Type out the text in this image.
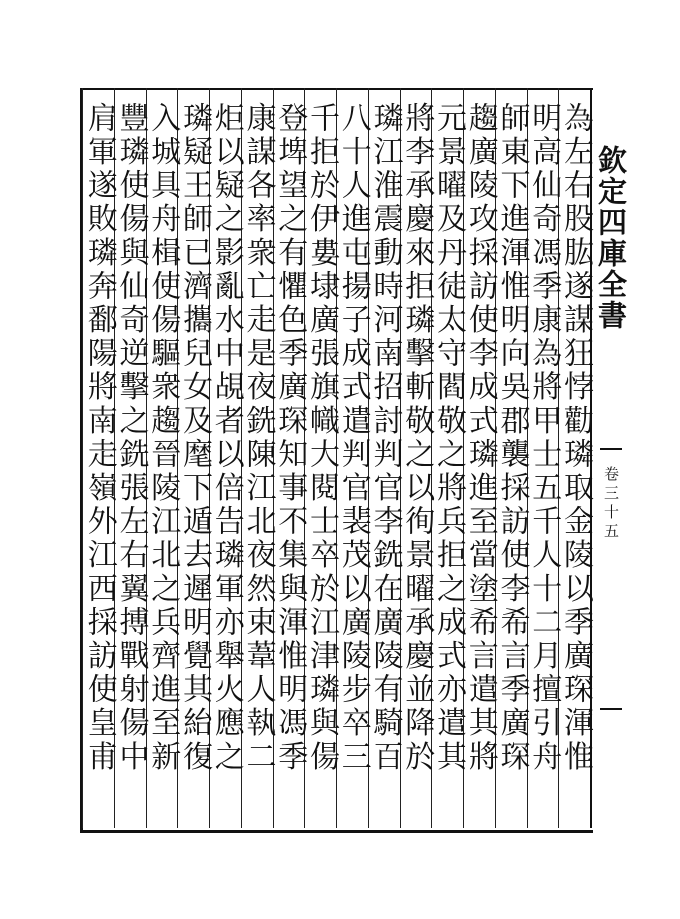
欽定四庫全書
卷三十五
為左右股肱遂謀狂悖勸璘取金陵以季廣琛渾惟
明高仙奇馮季康為將甲士五千人十二月擅引舟
師東下進渾惟明向吳郡襲採訪使李希言季廣琛
趨廣陵攻採訪使李成式璘進至當塗希言遣其將
元景曜及丹徒太守閻敬之將兵拒之成式亦遣其
將李承慶來拒璘擊斬敬之以徇景曜承慶並降於
璘江淮震動時河南招討判官李銑在廣陵有騎百
八十人進屯揚子成式遣判官裴茂以廣陵步卒三
千拒於伊婁埭廣張旗幟大閱士卒於江津璘與偒
登埤望之有懼色季廣琛知事不集與渾惟明馮季
康謀各率衆亡走是夜銑陳江北夜然束葦人執二
炬以疑之影亂水中覘者以倍告璘軍亦舉火應之
璘疑王師已濟攜兒女及麾下遁去遲明覺其紿復
入城具舟楫使偒驅衆趨晉陵江北之兵齊進至新
豐璘使偒與仙奇逆擊之銑張左右翼搏戰射偒中
肩軍遂敗璘奔鄱陽將南走嶺外江西採訪使皇甫
